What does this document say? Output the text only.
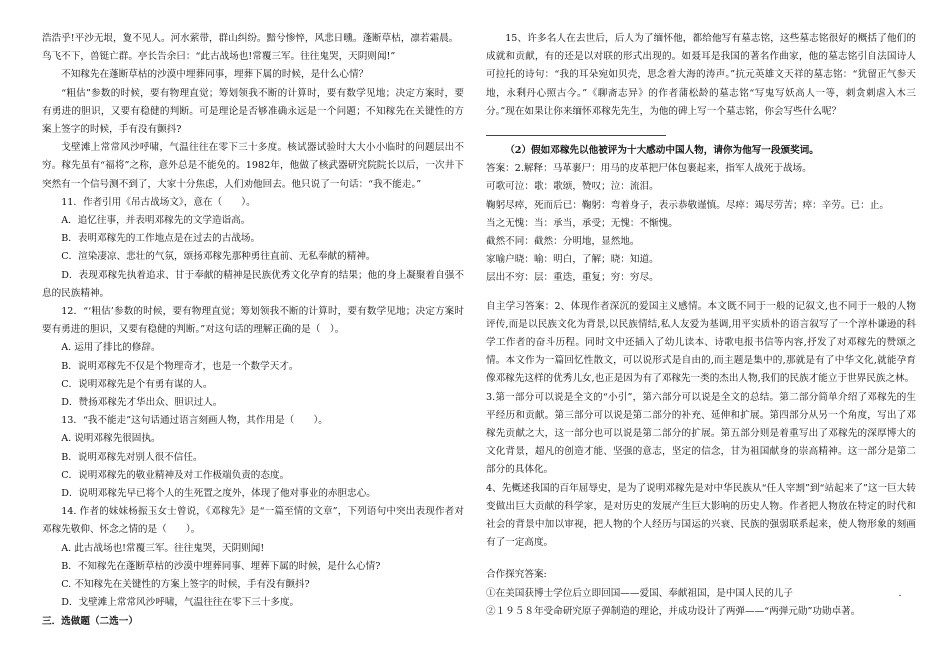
浩浩乎!平沙无垠，夐不见人。河水萦带，群山纠纷。黯兮惨悴，风悲日曛。蓬断草枯，凛若霜晨。

鸟飞不下，兽铤亡群。亭长告余曰：“此古战场也!常覆三军。往往鬼哭，天阴则闻!”

不知稼先在蓬断草枯的沙漠中埋葬同事，埋葬下属的时候，是什么心情？

“粗估”参数的时候，要有物理直觉；筹划领我不断的计算时，要有数学见地；决定方案时，要有勇进的胆识，又要有稳健的判断。可是理论是否够准确永远是一个问题；不知稼先在关键性的方案上签字的时候，手有没有颤抖?

戈壁滩上常常风沙呼啸，气温往往在零下三十多度。核试器试验时大大小小临时的问题层出不穷。稼先虽有“福将”之称，意外总是不能免的。1982年，他做了核武器研究院院长以后，一次井下突然有一个信号测不到了，大家十分焦虑，人们劝他回去。他只说了一句话：“我不能走。”

11．作者引用《吊古战场文》，意在（　　）。

A．追忆往事，并表明邓稼先的文学造诣高。

B．表明邓稼先的工作地点是在过去的古战场。

C．渲染凄凉、悲壮的气氛，颂扬邓稼先那种勇往直前、无私奉献的精神。

D．表现邓稼先执着追求、甘于奉献的精神是民族优秀文化孕育的结果；他的身上凝聚着自强不息的民族精神。

12．“‘粗估’参数的时候，要有物理直觉；筹划领我不断的计算时，要有数学见地；决定方案时要有勇进的胆识，又要有稳健的判断。”对这句话的理解正确的是（　）。

A. 运用了排比的修辞。

B．说明邓稼先不仅是个物理奇才，也是一个数学天才。

C．说明邓稼先是个有勇有谋的人。

D．赞扬邓稼先才华出众、胆识过人。

13．“我不能走”这句话通过语言刻画人物，其作用是（　　）。

A. 说明邓稼先很固执。

B．说明邓稼先对别人很不信任。

C．说明邓稼先的敬业精神及对工作极端负责的态度。

D．说明邓稼先早已将个人的生死置之度外，体现了他对事业的赤胆忠心。

14. 作者的妹妹杨振玉女士曾说，《邓稼先》是“一篇至情的文章”，下列语句中突出表现作者对邓稼先敬仰、怀念之情的是（　　）。

A. 此古战场也!常覆三军。往往鬼哭，天阴则闻!

B．不知稼先在蓬断草枯的沙漠中埋葬同事、埋葬下属的时候，是什么心情?

C. 不知稼先在关键性的方案上签字的时候，手有没有颤抖?

D．戈壁滩上常常风沙呼啸，气温往往在零下三十多度。

三．选做题（二选一）

15、许多名人在去世后，后人为了缅怀他，都给他写有墓志铭，这些墓志铭很好的概括了他们的成就和贡献，有的还是以对联的形式出现的。如聂耳是我国的著名作曲家，他的墓志铭引自法国诗人可拉托的诗句：“我的耳朵宛如贝壳，思念着大海的涛声。”抗元英雄文天祥的墓志铭：“犹留正气参天地，永剩丹心照古今。”《聊斋志异》的作者蒲松龄的墓志铭“写鬼写妖高人一等，刺贪刺虐入木三分。”现在如果让你来缅怀邓稼先先生，为他的碑上写一个墓志铭，你会写些什么呢？

（2）假如邓稼先以他被评为十大感动中国人物，请你为他写一段颁奖词。

答案：2.解释：马革裹尸：用马的皮革把尸体包裹起来，指军人战死于战场。

可歌可泣：歌：歌颂，赞叹；泣：流泪。

鞠躬尽瘁，死而后已：鞠躬：弯着身子，表示恭敬谨慎。尽瘁：竭尽劳苦；瘁：辛劳。已：止。

当之无愧：当：承当，承受；无愧：不惭愧。

截然不同：截然：分明地，显然地。

家喻户晓：喻：明白，了解；晓：知道。

层出不穷：层：重迭，重复；穷：穷尽。

自主学习答案：2、体现作者深沉的爱国主义感情。本文既不同于一般的记叙文,也不同于一般的人物评传,而是以民族文化为背景,以民族情结,私人友爱为基调,用平实质朴的语言叙写了一个淳朴谦逊的科学工作者的奋斗历程。同时文中还插入了幼儿读本、诗歌电报书信等内容,抒发了对邓稼先的赞颂之情。本文作为一篇回忆性散文，可以说形式是自由的,而主题是集中的,那就是有了中华文化,就能孕育像邓稼先这样的优秀儿女,也正是因为有了邓稼先一类的杰出人物,我们的民族才能立于世界民族之林。

3.第一部分可以说是全文的“小引”，第六部分可以说是全文的总结。第二部分简单介绍了邓稼先的生平经历和贡献。第三部分可以说是第二部分的补充、延伸和扩展。第四部分从另一个角度，写出了邓稼先贡献之大，这一部分也可以说是第二部分的扩展。第五部分则是着重写出了邓稼先的深厚博大的文化背景，超凡的创造才能、坚强的意志，坚定的信念，甘为祖国献身的崇高精神。这一部分是第二部分的具体化。

4、先概述我国的百年屈辱史，是为了说明邓稼先是对中华民族从“任人宰割”到“站起来了”这一巨大转变做出巨大贡献的科学家，是对历史的发展产生巨大影响的历史人物。作者把人物放在特定的时代和社会的背景中加以审视，把人物的个人经历与国运的兴衰、民族的强弱联系起来，使人物形象的刻画有了一定高度。

合作探究答案:

①在美国获博士学位后立即回国——爱国、奉献祖国，是中国人民的儿子　　　　　　　　　　　.

②１９５８年受命研究原子弹制造的理论，并成功设计了两弹——“两弹元勋”功勋卓著。
